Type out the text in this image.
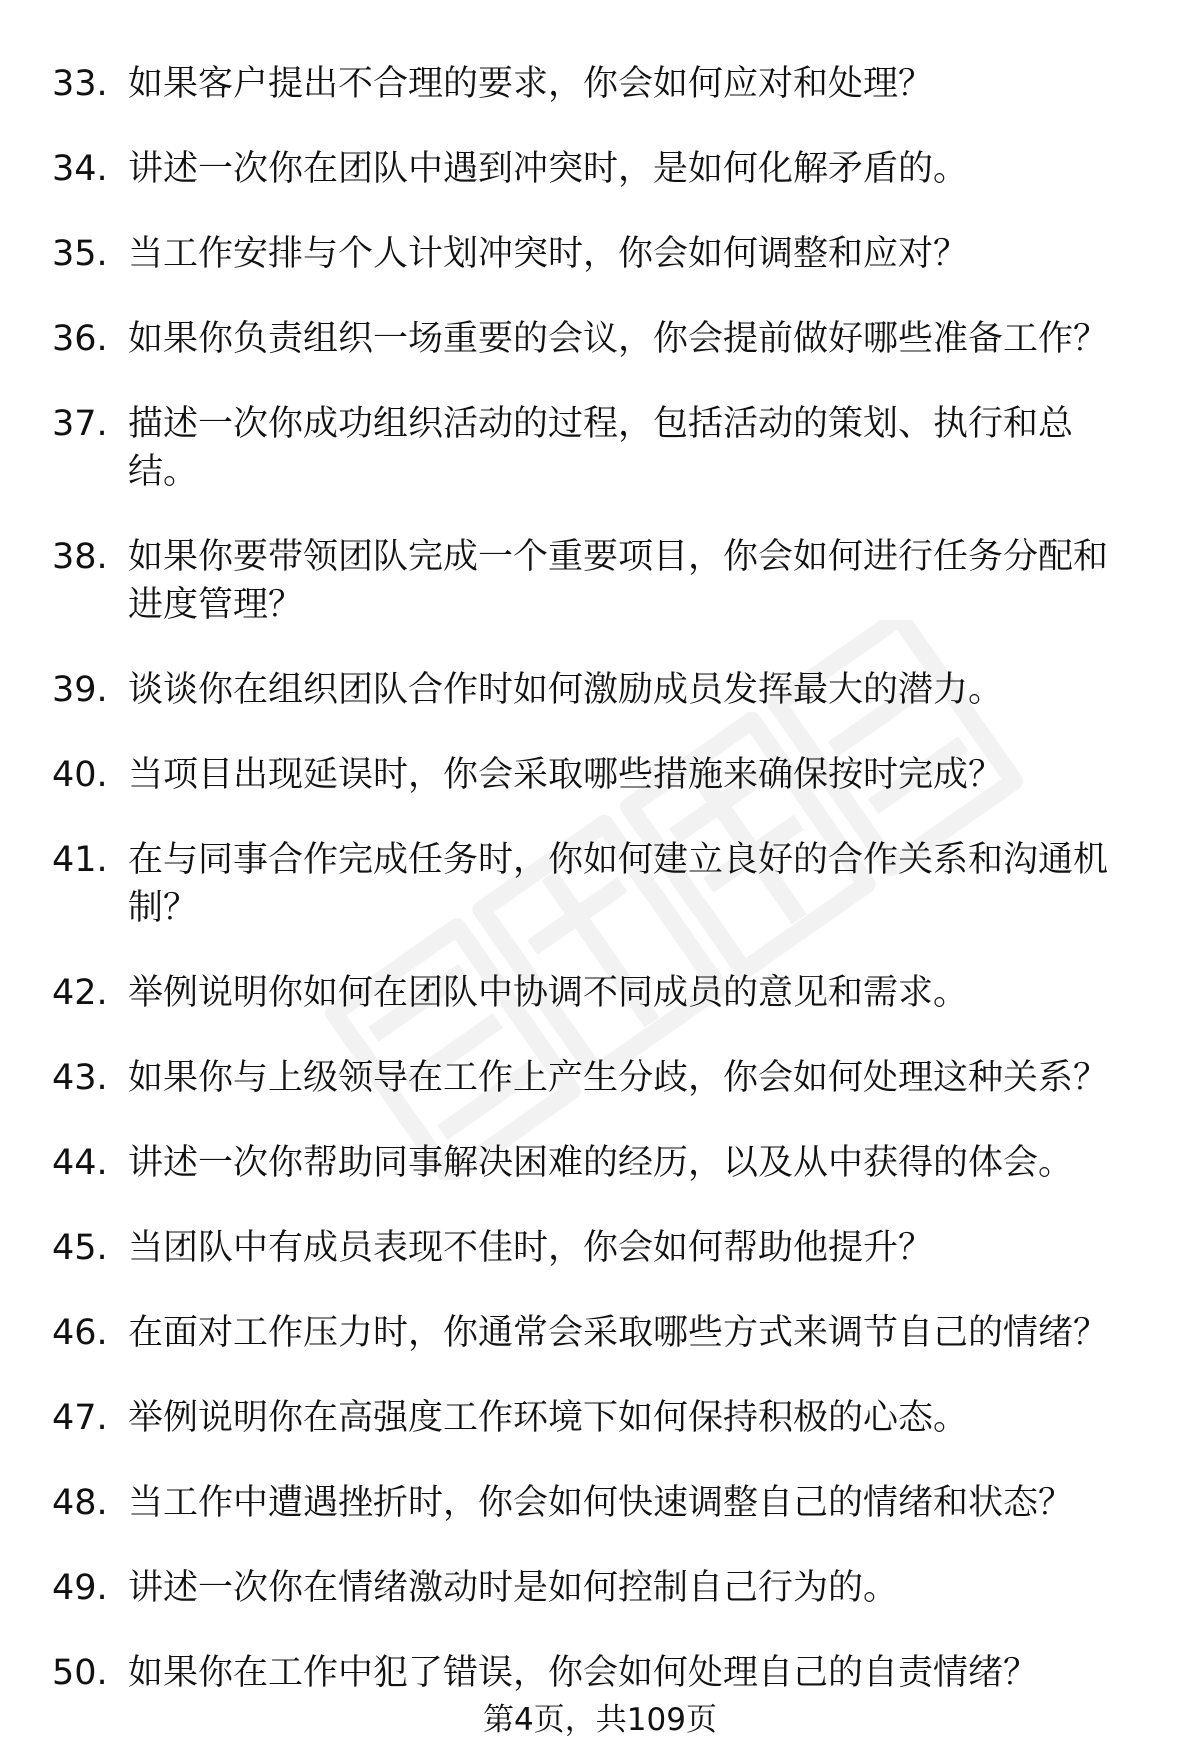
33. 如果客户提出不合理的要求，你会如何应对和处理？
34. 讲述一次你在团队中遇到冲突时，是如何化解矛盾的。
35. 当工作安排与个人计划冲突时，你会如何调整和应对？
36. 如果你负责组织一场重要的会议，你会提前做好哪些准备工作？
37. 描述一次你成功组织活动的过程，包括活动的策划、执行和总结。
38. 如果你要带领团队完成一个重要项目，你会如何进行任务分配和进度管理？
39. 谈谈你在组织团队合作时如何激励成员发挥最大的潜力。
40. 当项目出现延误时，你会采取哪些措施来确保按时完成？
41. 在与同事合作完成任务时，你如何建立良好的合作关系和沟通机制？
42. 举例说明你如何在团队中协调不同成员的意见和需求。
43. 如果你与上级领导在工作上产生分歧，你会如何处理这种关系？
44. 讲述一次你帮助同事解决困难的经历，以及从中获得的体会。
45. 当团队中有成员表现不佳时，你会如何帮助他提升？
46. 在面对工作压力时，你通常会采取哪些方式来调节自己的情绪？
47. 举例说明你在高强度工作环境下如何保持积极的心态。
48. 当工作中遭遇挫折时，你会如何快速调整自己的情绪和状态？
49. 讲述一次你在情绪激动时是如何控制自己行为的。
50. 如果你在工作中犯了错误，你会如何处理自己的自责情绪？
第4页，共109页
